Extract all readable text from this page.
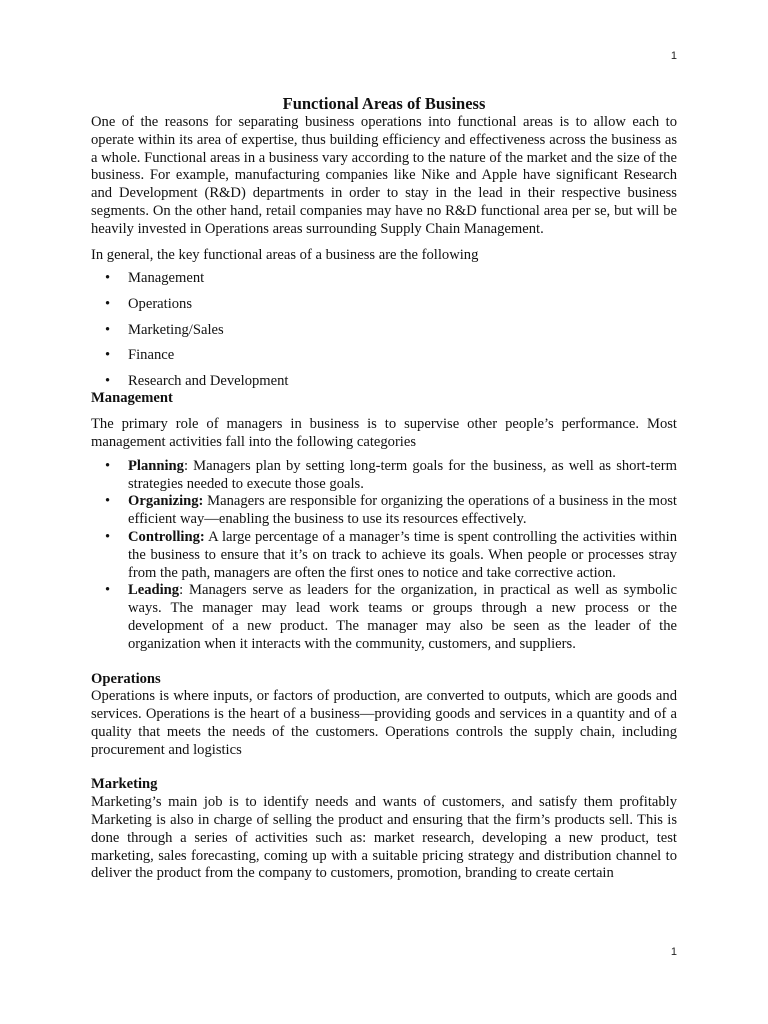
1
Functional Areas of Business

One of the reasons for separating business operations into functional areas is to allow each to operate within its area of expertise, thus building efficiency and effectiveness across the business as a whole. Functional areas in a business vary according to the nature of the market and the size of the business. For example, manufacturing companies like Nike and Apple have significant Research and Development (R&D) departments in order to stay in the lead in their respective business segments. On the other hand, retail companies may have no R&D functional area per se, but will be heavily invested in Operations areas surrounding Supply Chain Management.

In general, the key functional areas of a business are the following

• Management
• Operations
• Marketing/Sales
• Finance
• Research and Development
Management

The primary role of managers in business is to supervise other people’s performance. Most management activities fall into the following categories

• Planning: Managers plan by setting long-term goals for the business, as well as short-term strategies needed to execute those goals.
• Organizing: Managers are responsible for organizing the operations of a business in the most efficient way—enabling the business to use its resources effectively.
• Controlling: A large percentage of a manager’s time is spent controlling the activities within the business to ensure that it’s on track to achieve its goals. When people or processes stray from the path, managers are often the first ones to notice and take corrective action.
• Leading: Managers serve as leaders for the organization, in practical as well as symbolic ways. The manager may lead work teams or groups through a new process or the development of a new product. The manager may also be seen as the leader of the organization when it interacts with the community, customers, and suppliers.
Operations

Operations is where inputs, or factors of production, are converted to outputs, which are goods and services. Operations is the heart of a business—providing goods and services in a quantity and of a quality that meets the needs of the customers. Operations controls the supply chain, including procurement and logistics

Marketing

Marketing’s main job is to identify needs and wants of customers, and satisfy them profitably Marketing is also in charge of selling the product and ensuring that the firm’s products sell. This is done through a series of activities such as: market research, developing a new product, test marketing, sales forecasting, coming up with a suitable pricing strategy and distribution channel to deliver the product from the company to customers, promotion, branding to create certain

1
